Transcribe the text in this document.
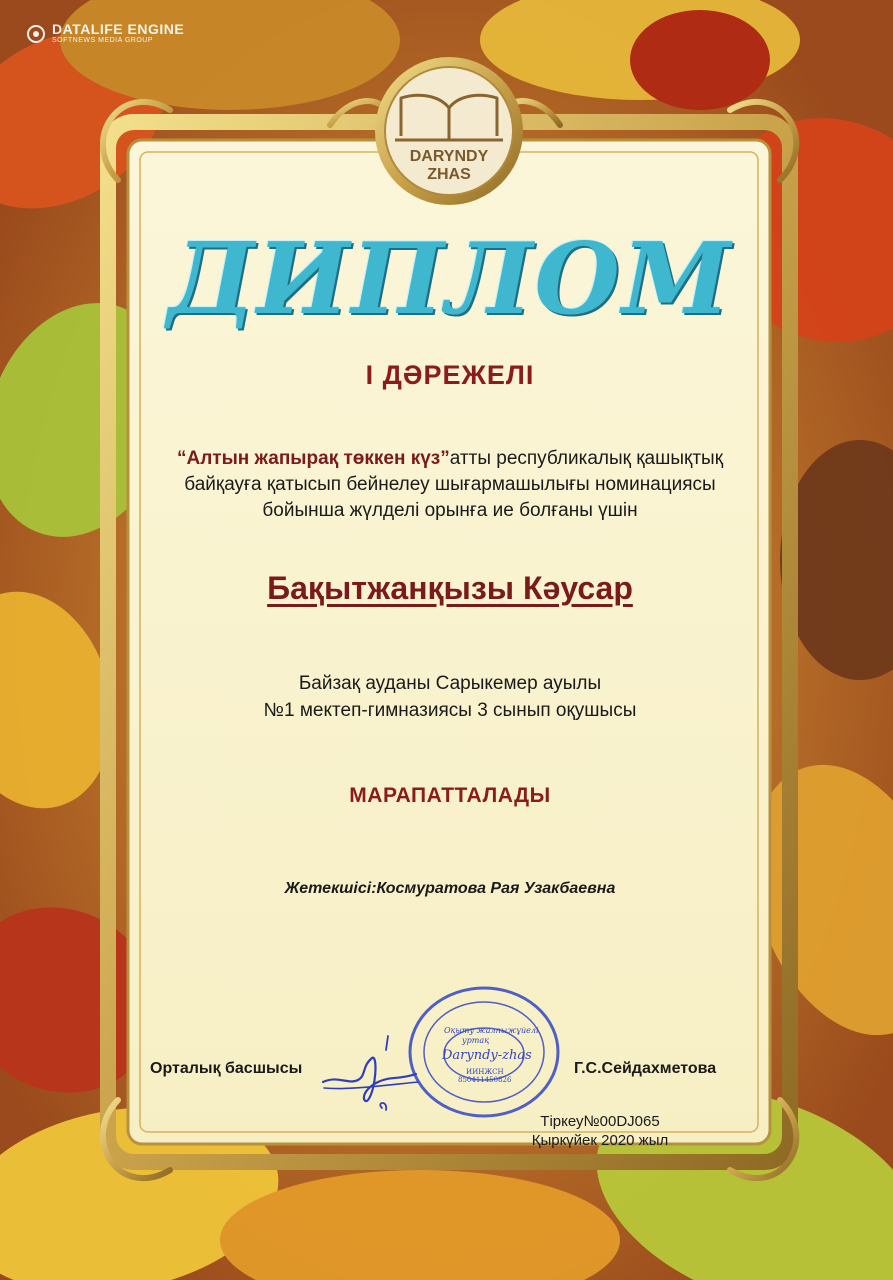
DATALIFE ENGINE
SOFTNEWS MEDIA GROUP
DARYNDY
ZHAS
ДИПЛОМ
I ДӘРЕЖЕЛІ
“Алтын жапырақ төккен күз”атты республикалық қашықтық
байқауға қатысып бейнелеу шығармашылығы номинациясы
бойынша жүлделі орынға ие болғаны үшін
Бақытжанқызы Кәусар
Байзақ ауданы Сарыкемер ауылы
№1 мектеп-гимназиясы 3 сынып оқушысы
МАРАПАТТАЛАДЫ
Жетекшісі:Космуратова Рая Узакбаевна
Оқыту жалпыжұйелі
уртақ
Daryndy-zhas
ИИНЖСН
850411450826
Орталық басшысы	Г.С.Сейдахметова
Тіркеу№00DJ065
Қыркүйек 2020 жыл
